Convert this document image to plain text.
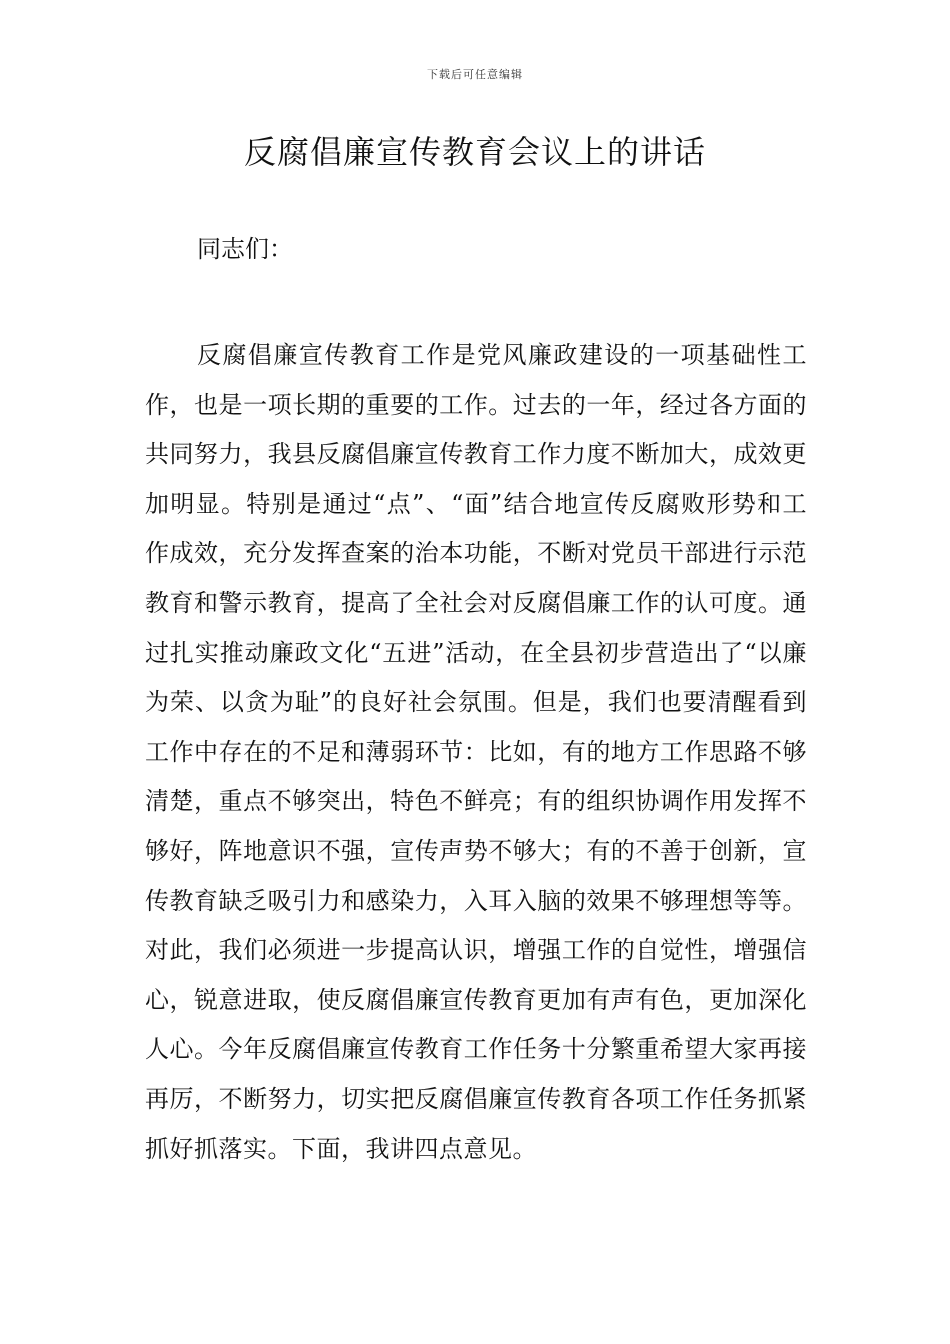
下载后可任意编辑
反腐倡廉宣传教育会议上的讲话

同志们：

反腐倡廉宣传教育工作是党风廉政建设的一项基础性工作，也是一项长期的重要的工作。过去的一年，经过各方面的共同努力，我县反腐倡廉宣传教育工作力度不断加大，成效更加明显。特别是通过“点”、“面”结合地宣传反腐败形势和工作成效，充分发挥查案的治本功能，不断对党员干部进行示范教育和警示教育，提高了全社会对反腐倡廉工作的认可度。通过扎实推动廉政文化“五进”活动，在全县初步营造出了“以廉为荣、以贪为耻”的良好社会氛围。但是，我们也要清醒看到工作中存在的不足和薄弱环节：比如，有的地方工作思路不够清楚，重点不够突出，特色不鲜亮；有的组织协调作用发挥不够好，阵地意识不强，宣传声势不够大；有的不善于创新，宣传教育缺乏吸引力和感染力，入耳入脑的效果不够理想等等。对此，我们必须进一步提高认识，增强工作的自觉性，增强信心，锐意进取，使反腐倡廉宣传教育更加有声有色，更加深化人心。今年反腐倡廉宣传教育工作任务十分繁重希望大家再接再厉，不断努力，切实把反腐倡廉宣传教育各项工作任务抓紧抓好抓落实。下面，我讲四点意见。
